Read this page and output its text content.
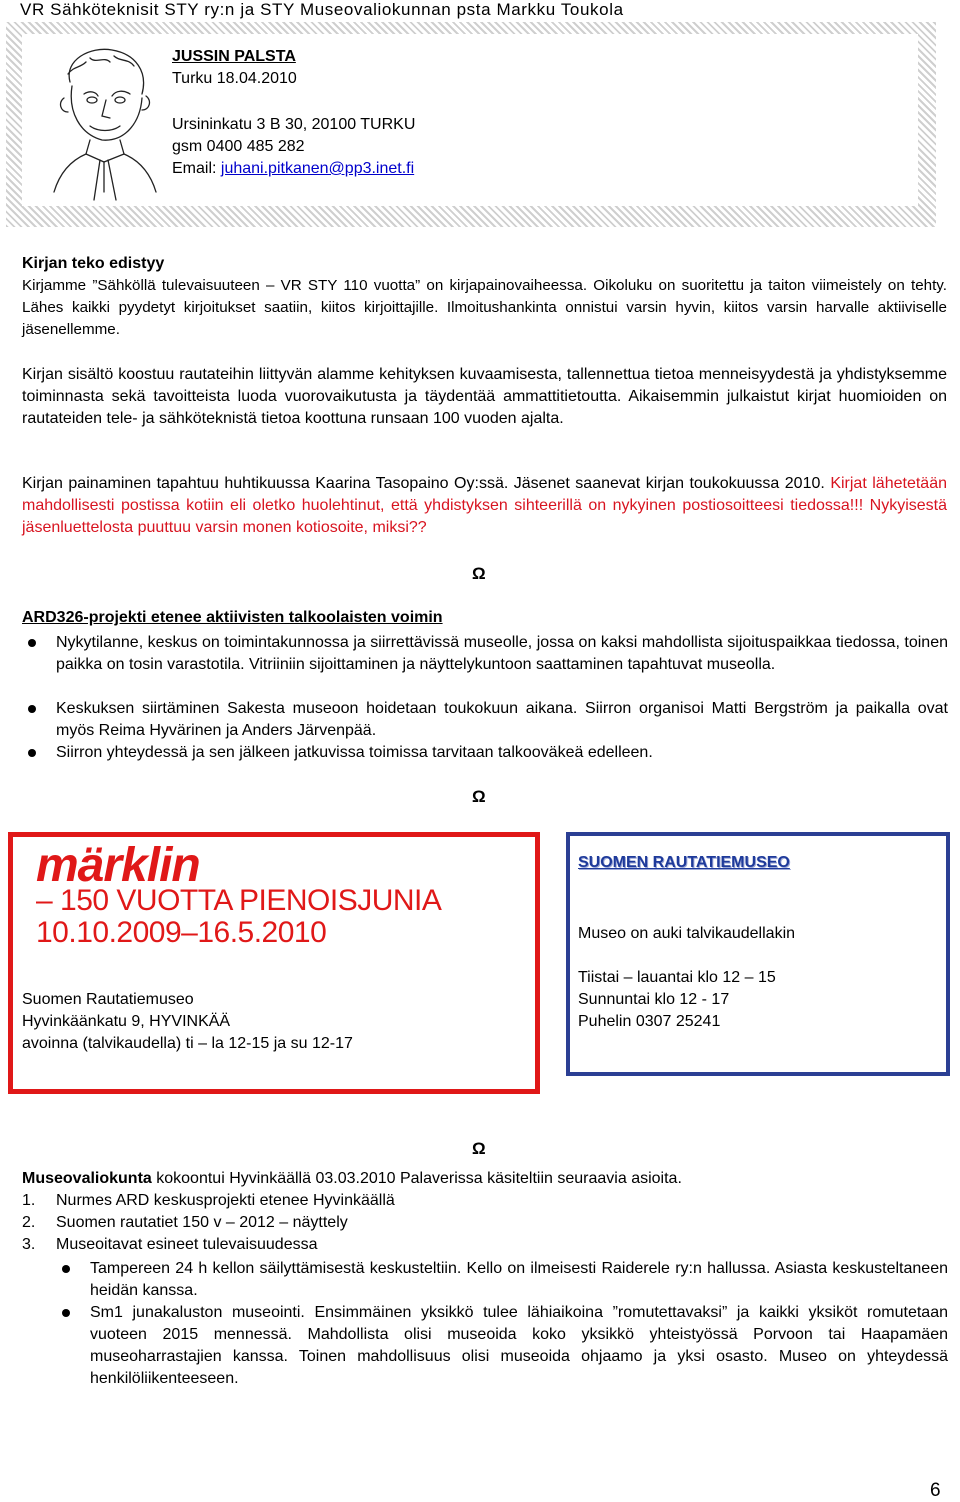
VR Sähköteknisit STY ry:n ja STY Museovaliokunnan psta Markku Toukola
JUSSIN PALSTA
Turku 18.04.2010
Ursininkatu 3 B 30, 20100 TURKU
gsm 0400 485 282
Email: juhani.pitkanen@pp3.inet.fi
Kirjan teko edistyy

Kirjamme ”Sähköllä tulevaisuuteen – VR STY 110 vuotta” on kirjapainovaiheessa. Oikoluku on suoritettu ja taiton viimeistely on tehty. Lähes kaikki pyydetyt kirjoitukset saatiin, kiitos kirjoittajille. Ilmoitushankinta onnistui varsin hyvin, kiitos varsin harvalle aktiiviselle jäsenellemme.

Kirjan sisältö koostuu rautateihin liittyvän alamme kehityksen kuvaamisesta, tallennettua tietoa menneisyydestä ja yhdistyksemme toiminnasta sekä tavoitteista luoda vuorovaikutusta ja täydentää ammattitietoutta. Aikaisemmin julkaistut kirjat huomioiden on rautateiden tele- ja sähköteknistä tietoa koottuna runsaan 100 vuoden ajalta.

Kirjan painaminen tapahtuu huhtikuussa Kaarina Tasopaino Oy:ssä. Jäsenet saanevat kirjan toukokuussa 2010. Kirjat lähetetään mahdollisesti postissa kotiin eli oletko huolehtinut, että yhdistyksen sihteerillä on nykyinen postiosoitteesi tiedossa!!! Nykyisestä jäsenluettelosta puuttuu varsin monen kotiosoite, miksi??

Ω
ARD326-projekti etenee aktiivisten talkoolaisten voimin

Nykytilanne, keskus on toimintakunnossa ja siirrettävissä museolle, jossa on kaksi mahdollista sijoituspaikkaa tiedossa, toinen paikka on tosin varastotila. Vitriiniin sijoittaminen ja näyttelykuntoon saattaminen tapahtuvat museolla.

Keskuksen siirtäminen Sakesta museoon hoidetaan toukokuun aikana. Siirron organisoi Matti Bergström ja paikalla ovat myös Reima Hyvärinen ja Anders Järvenpää.

Siirron yhteydessä ja sen jälkeen jatkuvissa toimissa tarvitaan talkooväkeä edelleen.

Ω
märklin
– 150 VUOTTA PIENOISJUNIA
10.10.2009–16.5.2010
Suomen Rautatiemuseo
Hyvinkäänkatu 9, HYVINKÄÄ
avoinna (talvikaudella) ti – la 12-15 ja su 12-17
SUOMEN RAUTATIEMUSEO
Museo on auki talvikaudellakin
Tiistai – lauantai klo 12 – 15
Sunnuntai klo 12 - 17
Puhelin 0307 25241
Ω
Museovaliokunta kokoontui Hyvinkäällä 03.03.2010 Palaverissa käsiteltiin seuraavia asioita.
1. Nurmes ARD keskusprojekti etenee Hyvinkäällä
2. Suomen rautatiet 150 v – 2012 – näyttely
3. Museoitavat esineet tulevaisuudessa

Tampereen 24 h kellon säilyttämisestä keskusteltiin. Kello on ilmeisesti Raiderele ry:n hallussa. Asiasta keskusteltaneen heidän kanssa.

Sm1 junakaluston museointi. Ensimmäinen yksikkö tulee lähiaikoina ”romutettavaksi” ja kaikki yksiköt romutetaan vuoteen 2015 mennessä. Mahdollista olisi museoida koko yksikkö yhteistyössä Porvoon tai Haapamäen museoharrastajien kanssa. Toinen mahdollisuus olisi museoida ohjaamo ja yksi osasto. Museo on yhteydessä henkilöliikenteeseen.

6
